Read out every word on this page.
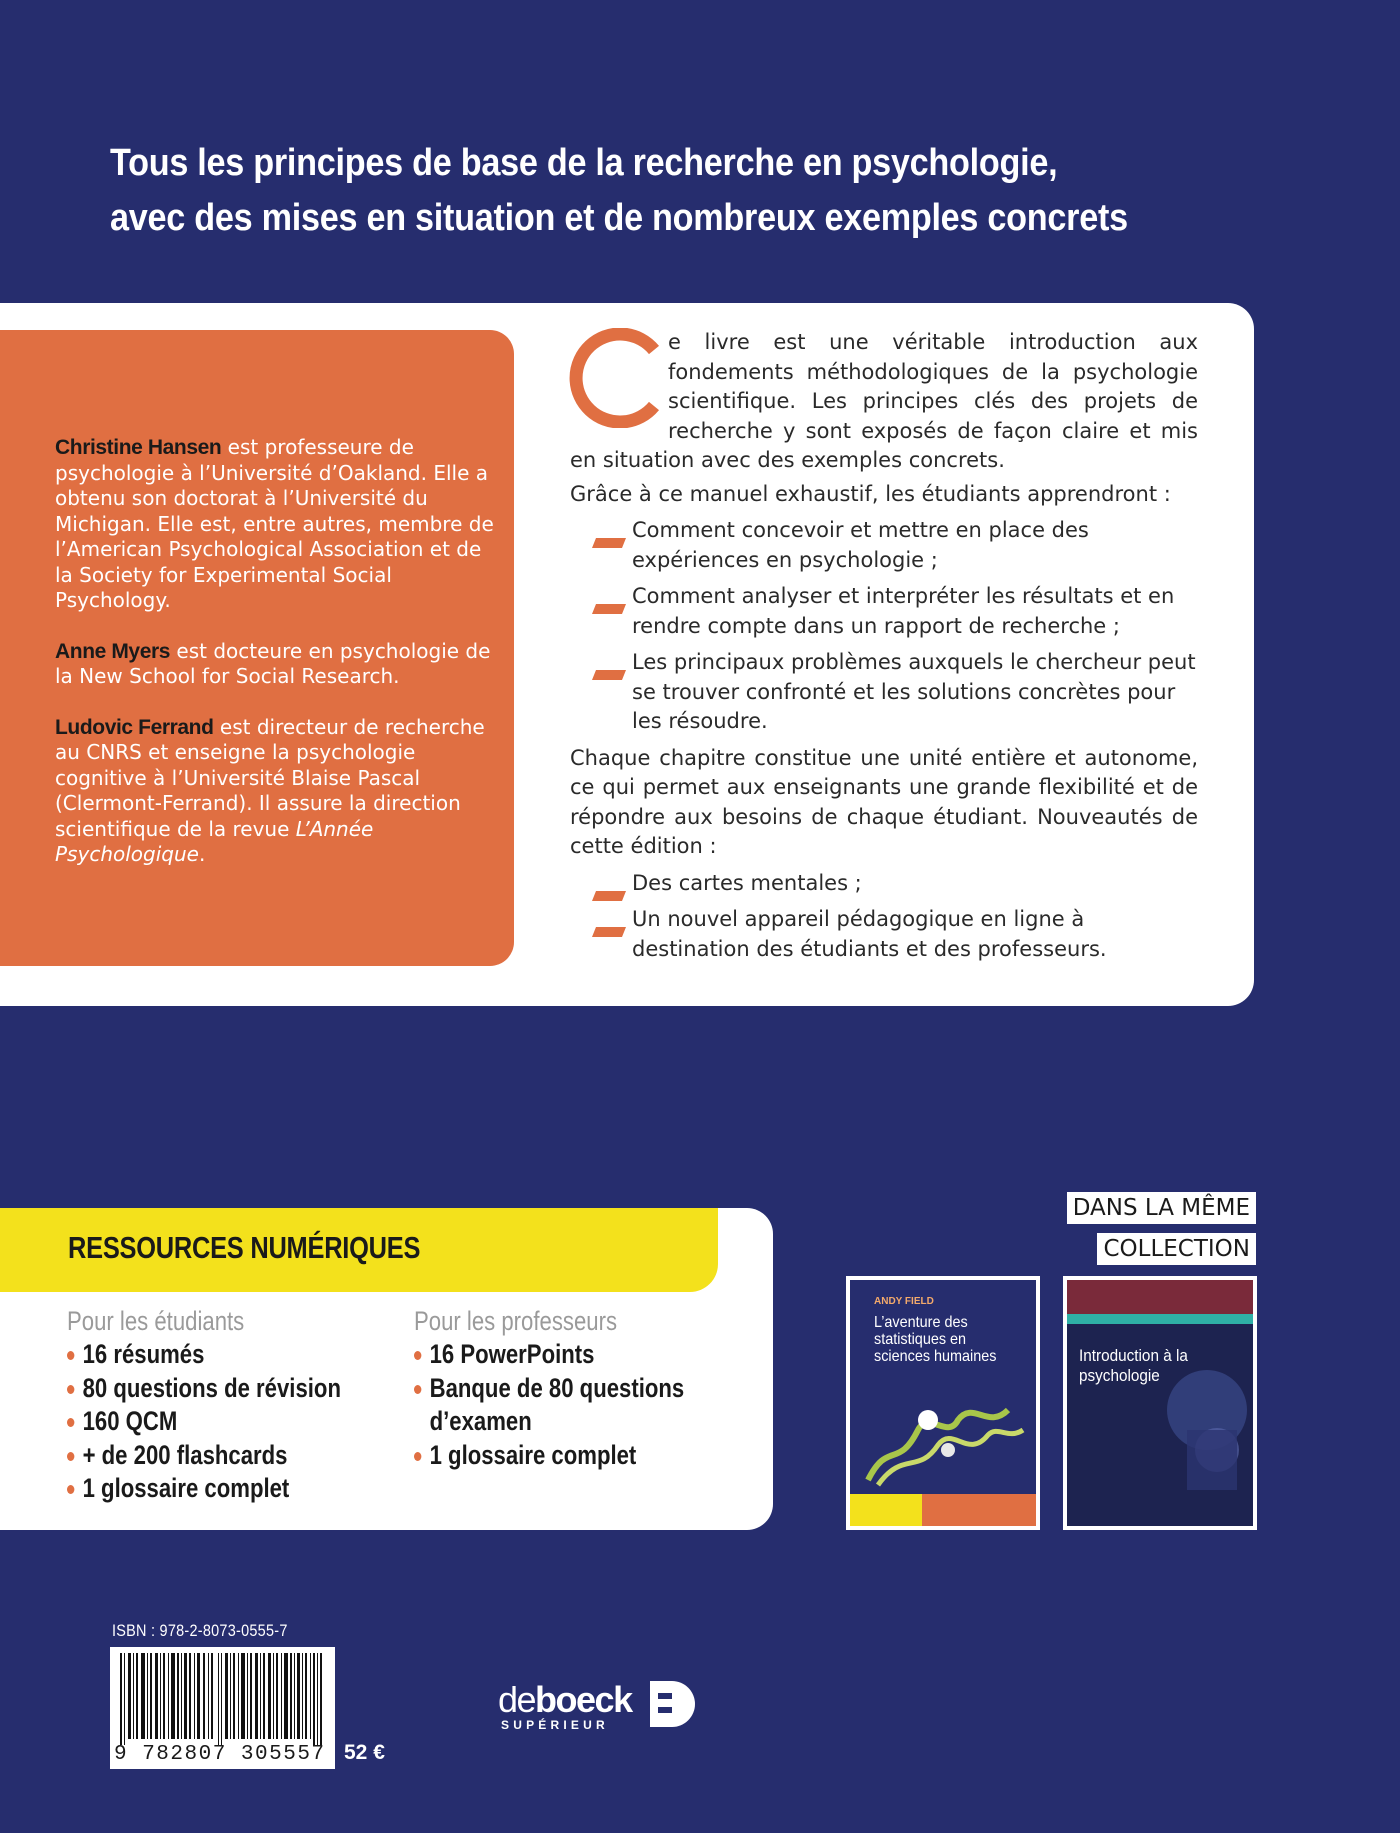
Tous les principes de base de la recherche en psychologie,
avec des mises en situation et de nombreux exemples concrets
Christine Hansen est professeure de psychologie à l’Université d’Oakland. Elle a obtenu son doctorat à l’Université du Michigan. Elle est, entre autres, membre de l’American Psychological Association et de la Society for Experimental Social Psychology.
Anne Myers est docteure en psychologie de la New School for Social Research.
Ludovic Ferrand est directeur de recherche au CNRS et enseigne la psychologie cognitive à l’Université Blaise Pascal (Clermont-Ferrand). Il assure la direction scientifique de la revue L’Année Psychologique.
e livre est une véritable introduction aux fondements méthodologiques de la psychologie scientifique. Les principes clés des projets de recherche y sont exposés de façon claire et mis en situation avec des exemples concrets.

Grâce à ce manuel exhaustif, les étudiants apprendront :

Comment concevoir et mettre en place des expériences en psychologie ;
Comment analyser et interpréter les résultats et en rendre compte dans un rapport de recherche ;
Les principaux problèmes auxquels le chercheur peut se trouver confronté et les solutions concrètes pour les résoudre.

Chaque chapitre constitue une unité entière et autonome, ce qui permet aux enseignants une grande flexibilité et de répondre aux besoins de chaque étudiant. Nouveautés de cette édition :

Des cartes mentales ;
Un nouvel appareil pédagogique en ligne à destination des étudiants et des professeurs.
RESSOURCES NUMÉRIQUES
Pour les étudiants
16 résumés
80 questions de révision
160 QCM
+ de 200 flashcards
1 glossaire complet
Pour les professeurs
16 PowerPoints
Banque de 80 questions
d’examen
1 glossaire complet
DANS LA MÊME
COLLECTION
ANDY FIELD
L’aventure des statistiques en sciences humaines	Introduction à la psychologie
ISBN : 978-2-8073-0555-7
9 782807 305557 52 €
deboeck
SUPÉRIEUR
